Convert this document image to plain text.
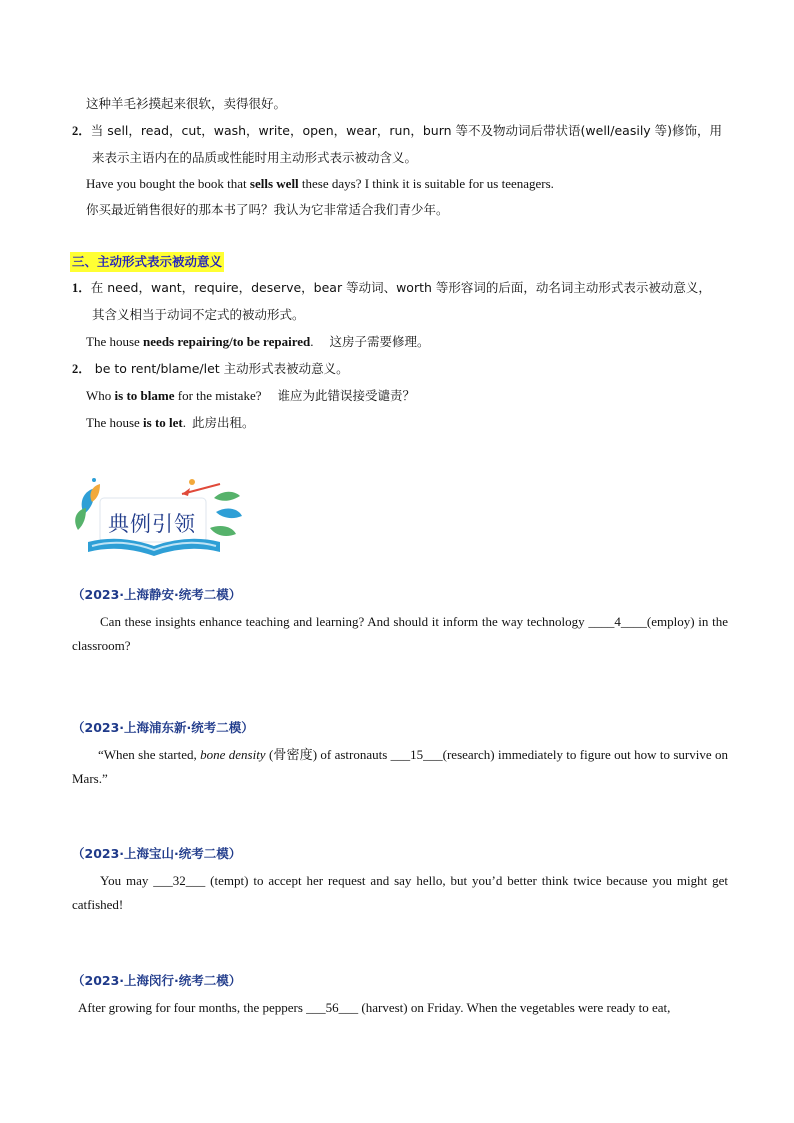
这种羊毛衫摸起来很软，卖得很好。
2．当 sell，read，cut，wash，write，open，wear，run，burn 等不及物动词后带状语(well/easily 等)修饰，用
来表示主语内在的品质或性能时用主动形式表示被动含义。
Have you bought the book that sells well these days? I think it is suitable for us teenagers.
你买最近销售很好的那本书了吗？我认为它非常适合我们青少年。
三、主动形式表示被动意义
1．在 need，want，require，deserve，bear 等动词、worth 等形容词的后面，动名词主动形式表示被动意义，
其含义相当于动词不定式的被动形式。
The house needs repairing/to be repaired. 这房子需要修理。
2． be to rent/blame/let 主动形式表被动意义。
Who is to blame for the mistake? 谁应为此错误接受谴责？
The house is to let. 此房出租。
典例引领
（2023·上海静安·统考二模）
Can these insights enhance teaching and learning? And should it inform the way technology ____4____(employ) in the classroom?
（2023·上海浦东新·统考二模）
“When she started, bone density (骨密度) of astronauts ___15___(research) immediately to figure out how to survive on Mars.”
（2023·上海宝山·统考二模）
You may ___32___ (tempt) to accept her request and say hello, but you’d better think twice because you might get catfished!
（2023·上海闵行·统考二模）
After growing for four months, the peppers ___56___ (harvest) on Friday. When the vegetables were ready to eat,
